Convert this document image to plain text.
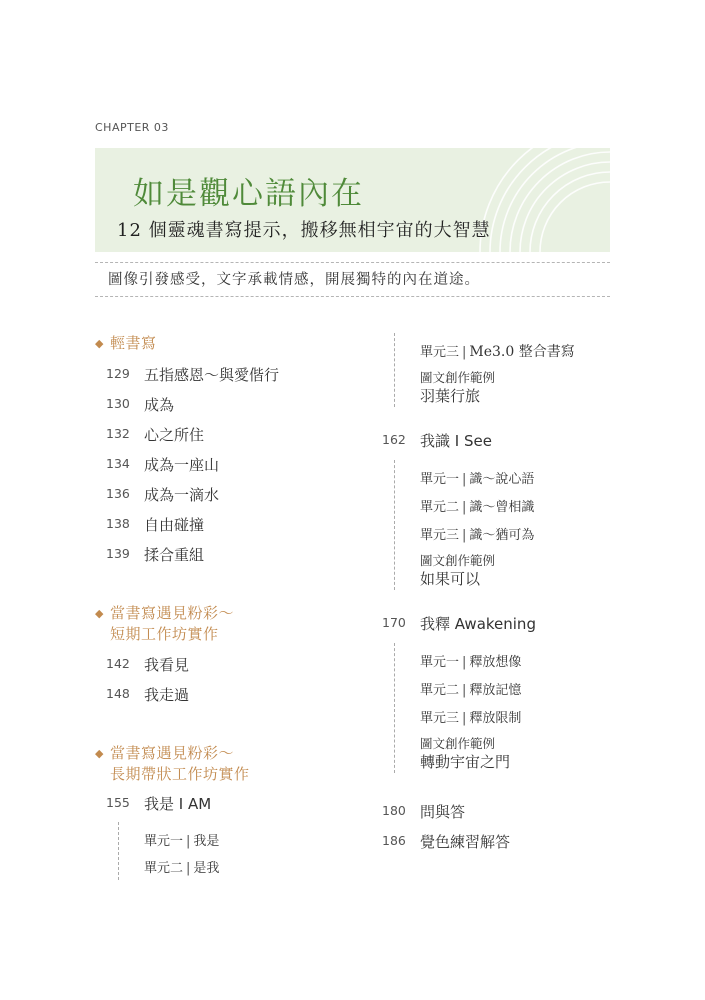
CHAPTER 03
如是觀心語內在
12 個靈魂書寫提示，搬移無相宇宙的大智慧
圖像引發感受，文字承載情感，開展獨特的內在道途。
◆ 輕書寫
129 五指感恩～與愛偕行
130 成為
132 心之所住
134 成為一座山
136 成為一滴水
138 自由碰撞
139 揉合重組
◆ 當書寫遇見粉彩～
短期工作坊實作
142 我看見
148 我走過
◆ 當書寫遇見粉彩～
長期帶狀工作坊實作
155 我是 I AM
單元一 | 我是
單元二 | 是我
單元三 | Me3.0 整合書寫
圖文創作範例
羽葉行旅
162 我識 I See
單元一 | 識～說心語
單元二 | 識～曾相識
單元三 | 識～猶可為
圖文創作範例
如果可以
170 我釋 Awakening
單元一 | 釋放想像
單元二 | 釋放記憶
單元三 | 釋放限制
圖文創作範例
轉動宇宙之門
180 問與答
186 覺色練習解答
